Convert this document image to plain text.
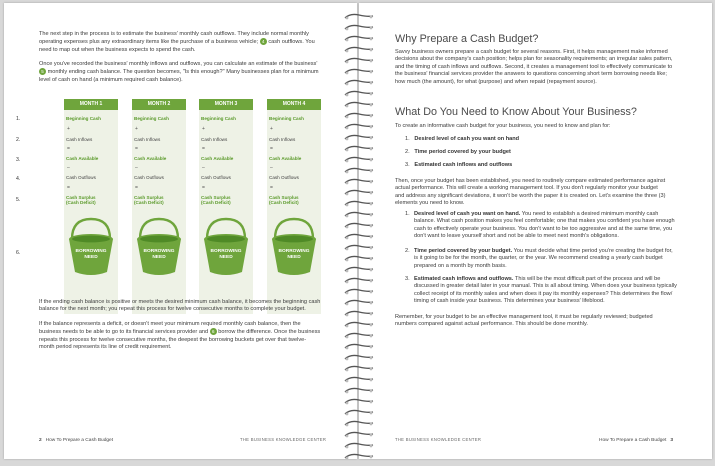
The next step in the process is to estimate the business' monthly cash outflows. They include normal monthly
operating expenses plus any extraordinary items like the purchase of a business vehicle; 4 cash outflows. You
need to map out when the business expects to spend the cash.

Once you've recorded the business' monthly inflows and outflows, you can calculate an estimate of the business'
5 monthly ending cash balance. The question becomes, "Is this enough?" Many businesses plan for a minimum
level of cash on hand (a minimum required cash balance).

1.
2.
3.
4.
5.
6.
MONTH 1
Beginning Cash
+
Cash Inflows
=
Cash Available
–
Cash Outflows
=
Cash Surplus
(Cash Deficit)
BORROWING
NEED
MONTH 2
Beginning Cash
+
Cash Inflows
=
Cash Available
–
Cash Outflows
=
Cash Surplus
(Cash Deficit)
BORROWING
NEED
MONTH 3
Beginning Cash
+
Cash Inflows
=
Cash Available
–
Cash Outflows
=
Cash Surplus
(Cash Deficit)
BORROWING
NEED
MONTH 4
Beginning Cash
+
Cash Inflows
=
Cash Available
–
Cash Outflows
=
Cash Surplus
(Cash Deficit)
BORROWING
NEED

If the ending cash balance is positive or meets the desired minimum cash balance, it becomes the beginning cash
balance for the next month; you repeat this process for twelve consecutive months to complete your budget.

If the balance represents a deficit, or doesn't meet your minimum required monthly cash balance, then the
business needs to be able to go to its financial services provider and 6 borrow the difference. Once the business
repeats this process for twelve consecutive months, the deepest the borrowing buckets get over that twelve-
month period represents its line of credit requirement.

2 How To Prepare a Cash Budget	THE BUSINESS KNOWLEDGE CENTER
Why Prepare a Cash Budget?

Savvy business owners prepare a cash budget for several reasons. First, it helps management make informed
decisions about the company's cash position; helps plan for seasonality requirements; an irregular sales pattern,
and the timing of cash inflows and outflows. Second, it creates a management tool to effectively communicate to
the business' financial services provider the answers to questions concerning short term borrowing needs like;
how much (the amount), for what (purpose) and when repaid (repayment source).

What Do You Need to Know About Your Business?

To create an informative cash budget for your business, you need to know and plan for:

1. Desired level of cash you want on hand

2. Time period covered by your budget

3. Estimated cash inflows and outflows

Then, once your budget has been established, you need to routinely compare estimated performance against
actual performance. This will create a working management tool. If you don't regularly monitor your budget
and address any significant deviations, it won't be worth the paper it is created on. Let's examine the three (3)
elements you need to know.

1. Desired level of cash you want on hand. You need to establish a desired minimum monthly cash
balance. What cash position makes you feel comfortable; one that makes you confident you have enough
cash to effectively operate your business. You don't want to be too aggressive and at the same time, you
don't want to leave yourself short and not be able to meet next month's obligations.

2. Time period covered by your budget. You must decide what time period you're creating the budget for,
is it going to be for the month, the quarter, or the year. We recommend creating a yearly cash budget
prepared on a month by month basis.

3. Estimated cash inflows and outflows. This will be the most difficult part of the process and will be
discussed in greater detail later in your manual. This is all about timing. When does your business typically
collect receipt of its monthly sales and when does it pay its monthly expenses? This determines the flow/
timing of cash inside your business. This determines your business' lifeblood.

Remember, for your budget to be an effective management tool, it must be regularly reviewed; budgeted
numbers compared against actual performance. This should be done monthly.

THE BUSINESS KNOWLEDGE CENTER	How To Prepare a Cash Budget 3
